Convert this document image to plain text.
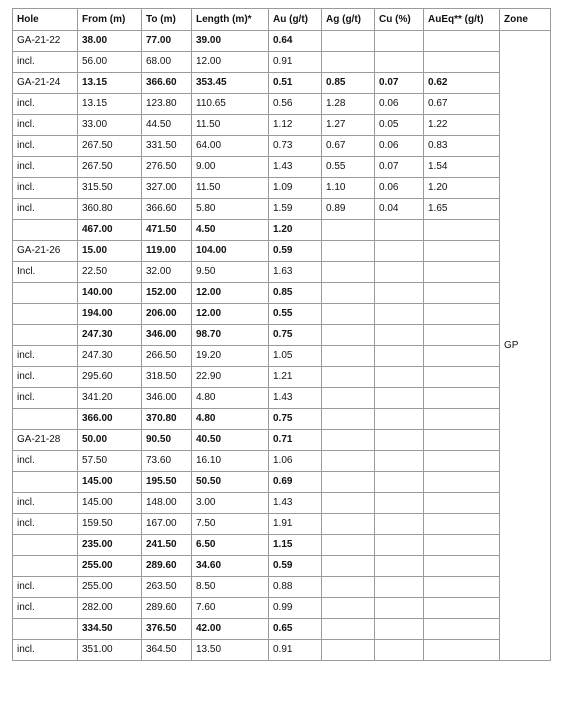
Hole	From (m)	To (m)	Length (m)*	Au (g/t)	Ag (g/t)	Cu (%)	AuEq** (g/t)	Zone
GA-21-22	38.00	77.00	39.00	0.64				GP
incl.	56.00	68.00	12.00	0.91				
GA-21-24	13.15	366.60	353.45	0.51	0.85	0.07	0.62	
incl.	13.15	123.80	110.65	0.56	1.28	0.06	0.67	
incl.	33.00	44.50	11.50	1.12	1.27	0.05	1.22	
incl.	267.50	331.50	64.00	0.73	0.67	0.06	0.83	
incl.	267.50	276.50	9.00	1.43	0.55	0.07	1.54	
incl.	315.50	327.00	11.50	1.09	1.10	0.06	1.20	
incl.	360.80	366.60	5.80	1.59	0.89	0.04	1.65	
	467.00	471.50	4.50	1.20				
GA-21-26	15.00	119.00	104.00	0.59				
Incl.	22.50	32.00	9.50	1.63				
	140.00	152.00	12.00	0.85				
	194.00	206.00	12.00	0.55				
	247.30	346.00	98.70	0.75				
incl.	247.30	266.50	19.20	1.05				
incl.	295.60	318.50	22.90	1.21				
incl.	341.20	346.00	4.80	1.43				
	366.00	370.80	4.80	0.75				
GA-21-28	50.00	90.50	40.50	0.71				
incl.	57.50	73.60	16.10	1.06				
	145.00	195.50	50.50	0.69				
incl.	145.00	148.00	3.00	1.43				
incl.	159.50	167.00	7.50	1.91				
	235.00	241.50	6.50	1.15				
	255.00	289.60	34.60	0.59				
incl.	255.00	263.50	8.50	0.88				
incl.	282.00	289.60	7.60	0.99				
	334.50	376.50	42.00	0.65				
incl.	351.00	364.50	13.50	0.91				
